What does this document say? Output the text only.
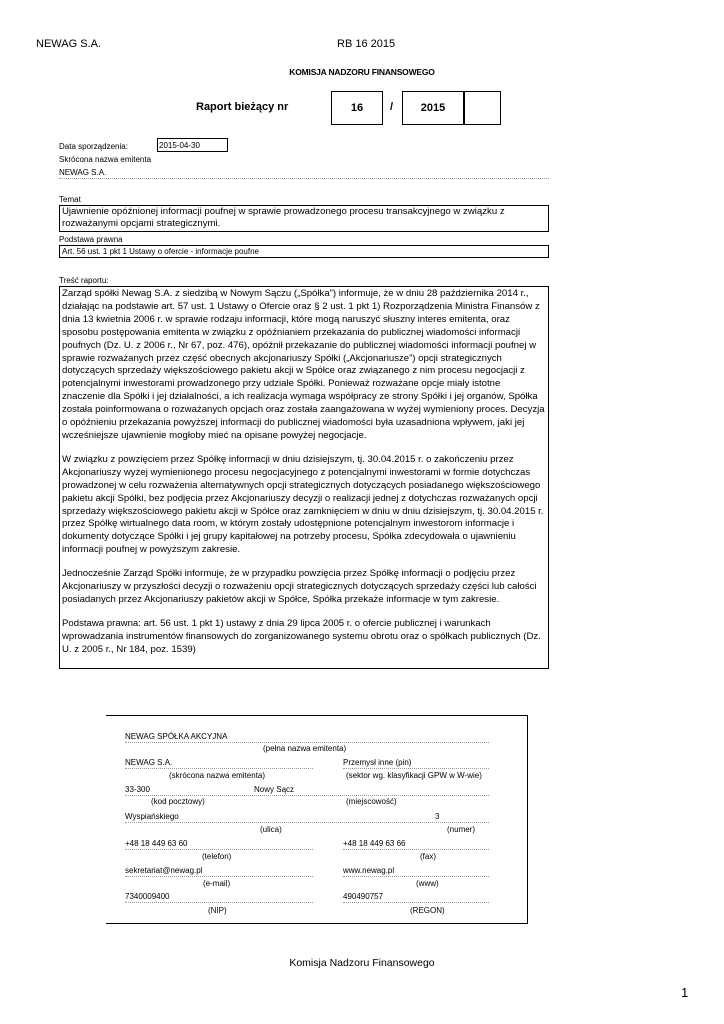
NEWAG S.A.	RB 16 2015
KOMISJA NADZORU FINANSOWEGO
Raport bieżący nr	16	/	2015
Data sporządzenia:	2015-04-30
Skrócona nazwa emitenta
NEWAG S.A.
Temat
Ujawnienie opóźnionej informacji poufnej w sprawie prowadzonego procesu transakcyjnego w związku z rozważanymi opcjami strategicznymi.
Podstawa prawna
Art. 56 ust. 1 pkt 1 Ustawy o ofercie - informacje poufne
Treść raportu:

Zarząd spółki Newag S.A. z siedzibą w Nowym Sączu („Spółka”) informuje, że w dniu 28 października 2014 r., działając na podstawie art. 57 ust. 1 Ustawy o Ofercie oraz § 2 ust. 1 pkt 1) Rozporządzenia Ministra Finansów z dnia 13 kwietnia 2006 r. w sprawie rodzaju informacji, które mogą naruszyć słuszny interes emitenta, oraz sposobu postępowania emitenta w związku z opóźnianiem przekazania do publicznej wiadomości informacji poufnych (Dz. U. z 2006 r., Nr 67, poz. 476), opóźnił przekazanie do publicznej wiadomości informacji poufnej w sprawie rozważanych przez część obecnych akcjonariuszy Spółki („Akcjonariusze”) opcji strategicznych dotyczących sprzedaży większościowego pakietu akcji w Spółce oraz związanego z nim procesu negocjacji z potencjalnymi inwestorami prowadzonego przy udziale Spółki. Ponieważ rozważane opcje miały istotne znaczenie dla Spółki i jej działalności, a ich realizacja wymaga współpracy ze strony Spółki i jej organów, Spółka została poinformowana o rozważanych opcjach oraz została zaangażowana w wyżej wymieniony proces. Decyzja o opóźnieniu przekazania powyższej informacji do publicznej wiadomości była uzasadniona wpływem, jaki jej wcześniejsze ujawnienie mogłoby mieć na opisane powyżej negocjacje.

W związku z powzięciem przez Spółkę informacji w dniu dzisiejszym, tj. 30.04.2015 r. o zakończeniu przez Akcjonariuszy wyżej wymienionego procesu negocjacyjnego z potencjalnymi inwestorami w formie dotychczas prowadzonej w celu rozważenia alternatywnych opcji strategicznych dotyczących posiadanego większościowego pakietu akcji Spółki, bez podjęcia przez Akcjonariuszy decyzji o realizacji jednej z dotychczas rozważanych opcji sprzedaży większościowego pakietu akcji w Spółce oraz zamknięciem w dniu w dniu dzisiejszym, tj. 30.04.2015 r. przez Spółkę wirtualnego data room, w którym zostały udostępnione potencjalnym inwestorom informacje i dokumenty dotyczące Spółki i jej grupy kapitałowej na potrzeby procesu, Spółka zdecydowała o ujawnieniu informacji poufnej w powyższym zakresie.

Jednocześnie Zarząd Spółki informuje, że w przypadku powzięcia przez Spółkę informacji o podjęciu przez Akcjonariuszy w przyszłości decyzji o rozważeniu opcji strategicznych dotyczących sprzedaży części lub całości posiadanych przez Akcjonariuszy pakietów akcji w Spółce, Spółka przekaże informacje w tym zakresie.

Podstawa prawna: art. 56 ust. 1 pkt 1) ustawy z dnia 29 lipca 2005 r. o ofercie publicznej i warunkach wprowadzania instrumentów finansowych do zorganizowanego systemu obrotu oraz o spółkach publicznych (Dz. U. z 2005 r., Nr 184, poz. 1539)

NEWAG SPÓŁKA AKCYJNA
(pełna nazwa emitenta)
NEWAG S.A.	Przemysł inne (pin)
(skrócona nazwa emitenta)	(sektor wg. klasyfikacji GPW w W-wie)
33-300	Nowy Sącz
(kod pocztowy)	(miejscowość)
Wyspiańskiego	3
(ulica)	(numer)
+48 18 449 63 60	+48 18 449 63 66
(telefon)	(fax)
sekretariat@newag.pl	www.newag.pl
(e-mail)	(www)
7340009400	490490757
(NIP)	(REGON)
Komisja Nadzoru Finansowego
1
